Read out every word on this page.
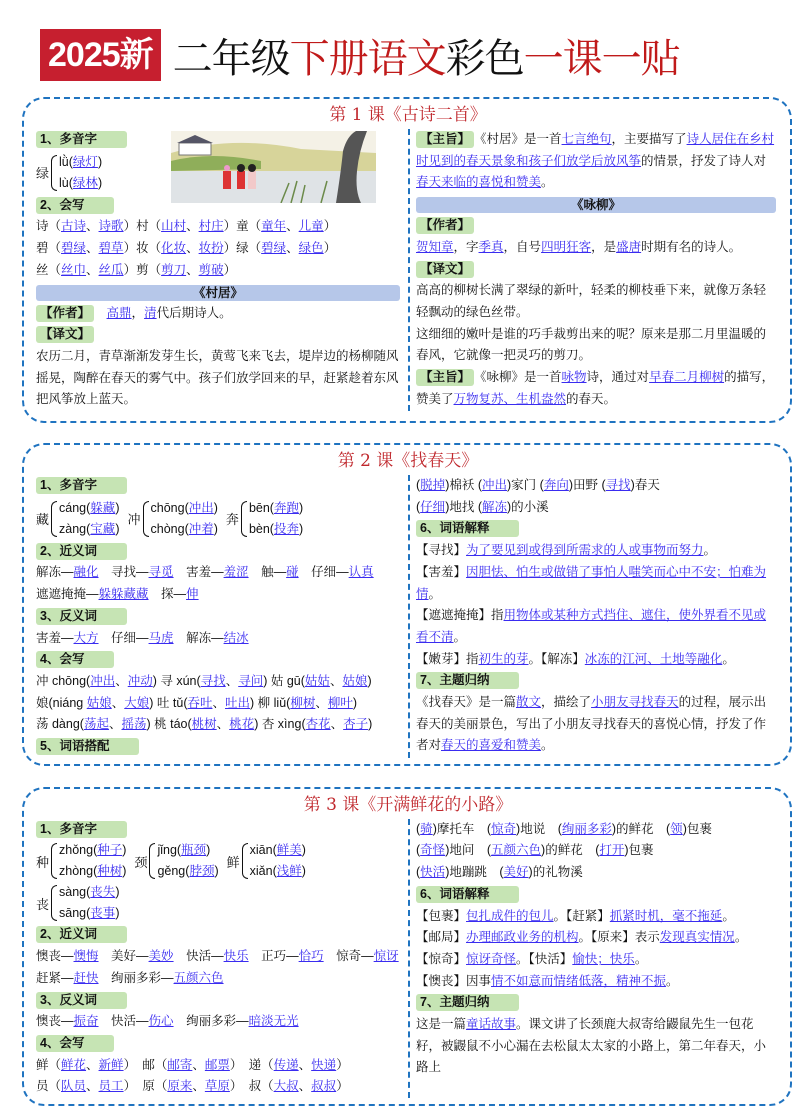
2025新 二年级下册语文彩色一课一贴
第 1 课《古诗二首》
1、多音字
绿
lǜ(绿灯)
lù(绿林)
2、会写
诗（古诗、诗歌）村（山村、村庄）童（童年、儿童）
碧（碧绿、碧草）妆（化妆、妆扮）绿（碧绿、绿色）
丝（丝巾、丝瓜）剪（剪刀、剪破）
《村居》
【作者】　 高鼎，清代后期诗人。
【译文】
农历二月，青草渐渐发芽生长，黄莺飞来飞去，堤岸边的杨柳随风摇晃，陶醉在春天的雾气中。孩子们放学回来的早，赶紧趁着东风把风筝放上蓝天。
【主旨】 《村居》是一首七言绝句，主要描写了诗人居住在乡村时见到的春天景象和孩子们放学后放风筝的情景，抒发了诗人对春天来临的喜悦和赞美。
《咏柳》
【作者】
贺知章，字季真，自号四明狂客，是盛唐时期有名的诗人。
【译文】
高高的柳树长满了翠绿的新叶，轻柔的柳枝垂下来，就像万条轻轻飘动的绿色丝带。
这细细的嫩叶是谁的巧手裁剪出来的呢？原来是那二月里温暖的春风，它就像一把灵巧的剪刀。
【主旨】 《咏柳》是一首咏物诗，通过对早春二月柳树的描写，赞美了万物复苏、生机盎然的春天。
第 2 课《找春天》
1、多音字
藏
cáng(躲藏)
zàng(宝藏)
冲
chōng(冲出)
chòng(冲着)
奔
bēn(奔跑)
bèn(投奔)
2、近义词
解冻—融化　寻找—寻觅　害羞—羞涩　触—碰　仔细—认真
遮遮掩掩—躲躲藏藏　探—伸
3、反义词
害羞—大方　仔细—马虎　解冻—结冰
4、会写
冲 chōng(冲出、冲动) 寻 xún(寻找、寻问) 姑 gū(姑姑、姑娘)
娘(niáng 姑娘、大娘) 吐 tǔ(吞吐、吐出) 柳 liǔ(柳树、柳叶)
荡 dàng(荡起、摇荡) 桃 táo(桃树、桃花) 杏 xìng(杏花、杏子)
5、词语搭配
(脱掉)棉袄 (冲出)家门 (奔向)田野 (寻找)春天
(仔细)地找 (解冻)的小溪
6、词语解释
【寻找】为了要见到或得到所需求的人或事物而努力。
【害羞】因胆怯、怕生或做错了事怕人嗤笑而心中不安；怕难为情。
【遮遮掩掩】指用物体或某种方式挡住、遮住，使外界看不见或看不清。
【嫩芽】指初生的芽。【解冻】冰冻的江河、土地等融化。
7、主题归纳
《找春天》是一篇散文，描绘了小朋友寻找春天的过程，展示出春天的美丽景色，写出了小朋友寻找春天的喜悦心情，抒发了作者对春天的喜爱和赞美。
第 3 课《开满鲜花的小路》
1、多音字
种
zhǒng(种子)
zhòng(种树)
颈
jǐng(瓶颈)
gěng(脖颈)
鲜
xiān(鲜美)
xiǎn(浅鲜)
丧
sàng(丧失)
sāng(丧事)
2、近义词
懊丧—懊悔　美好—美妙　快活—快乐　正巧—恰巧　惊奇—惊讶
赶紧—赶快　绚丽多彩—五颜六色
3、反义词
懊丧—振奋　快活—伤心　绚丽多彩—暗淡无光
4、会写
鲜（鲜花、新鲜）　邮（邮寄、邮票）　递（传递、快递）
员（队员、员工）　原（原来、草原）　叔（大叔、叔叔）
(骑)摩托车　(惊奇)地说　(绚丽多彩)的鲜花　(领)包裹
(奇怪)地问　(五颜六色)的鲜花　(打开)包裹
(快活)地蹦跳　(美好)的礼物溪
6、词语解释
【包裹】包扎成件的包儿。【赶紧】抓紧时机，毫不拖延。
【邮局】办理邮政业务的机构。【原来】表示发现真实情况。
【惊奇】惊讶奇怪。【快活】愉快；快乐。
【懊丧】因事情不如意而情绪低落，精神不振。
7、主题归纳
这是一篇童话故事。课文讲了长颈鹿大叔寄给鼹鼠先生一包花籽，被鼹鼠不小心漏在去松鼠太太家的小路上，第二年春天，小路上
